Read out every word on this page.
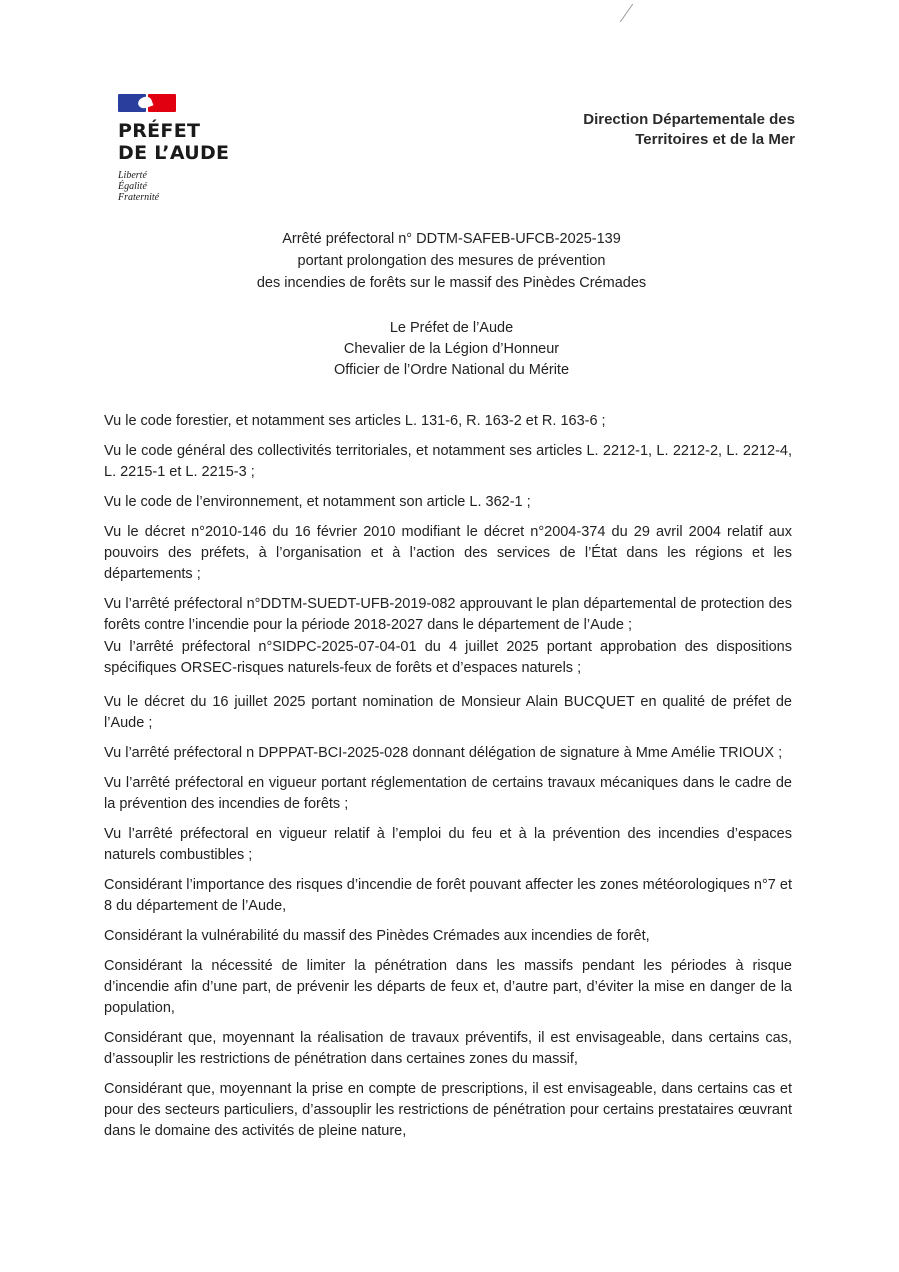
PRÉFET
DE L’AUDE
Liberté
Égalité
Fraternité
Direction Départementale des
Territoires et de la Mer
Arrêté préfectoral n° DDTM-SAFEB-UFCB-2025-139
portant prolongation des mesures de prévention
des incendies de forêts sur le massif des Pinèdes Crémades
Le Préfet de l’Aude
Chevalier de la Légion d’Honneur
Officier de l’Ordre National du Mérite

Vu le code forestier, et notamment ses articles L. 131-6, R. 163-2 et R. 163-6 ;

Vu le code général des collectivités territoriales, et notamment ses articles L. 2212-1, L. 2212-2, L. 2212-4, L. 2215-1 et L. 2215-3 ;

Vu le code de l’environnement, et notamment son article L. 362-1 ;

Vu le décret n°2010-146 du 16 février 2010 modifiant le décret n°2004-374 du 29 avril 2004 relatif aux pouvoirs des préfets, à l’organisation et à l’action des services de l’État dans les régions et les départements ;

Vu l’arrêté préfectoral n°DDTM-SUEDT-UFB-2019-082 approuvant le plan départemental de protection des forêts contre l’incendie pour la période 2018-2027 dans le département de l’Aude ;

Vu l’arrêté préfectoral n°SIDPC-2025-07-04-01 du 4 juillet 2025 portant approbation des dispositions spécifiques ORSEC-risques naturels-feux de forêts et d’espaces naturels ;

Vu le décret du 16 juillet 2025 portant nomination de Monsieur Alain BUCQUET en qualité de préfet de l’Aude ;

Vu l’arrêté préfectoral n DPPPAT-BCI-2025-028 donnant délégation de signature à Mme Amélie TRIOUX ;

Vu l’arrêté préfectoral en vigueur portant réglementation de certains travaux mécaniques dans le cadre de la prévention des incendies de forêts ;

Vu l’arrêté préfectoral en vigueur relatif à l’emploi du feu et à la prévention des incendies d’espaces naturels combustibles ;

Considérant l’importance des risques d’incendie de forêt pouvant affecter les zones météorologiques n°7 et 8 du département de l’Aude,

Considérant la vulnérabilité du massif des Pinèdes Crémades aux incendies de forêt,

Considérant la nécessité de limiter la pénétration dans les massifs pendant les périodes à risque d’incendie afin d’une part, de prévenir les départs de feux et, d’autre part, d’éviter la mise en danger de la population,

Considérant que, moyennant la réalisation de travaux préventifs, il est envisageable, dans certains cas, d’assouplir les restrictions de pénétration dans certaines zones du massif,

Considérant que, moyennant la prise en compte de prescriptions, il est envisageable, dans certains cas et pour des secteurs particuliers, d’assouplir les restrictions de pénétration pour certains prestataires œuvrant dans le domaine des activités de pleine nature,
